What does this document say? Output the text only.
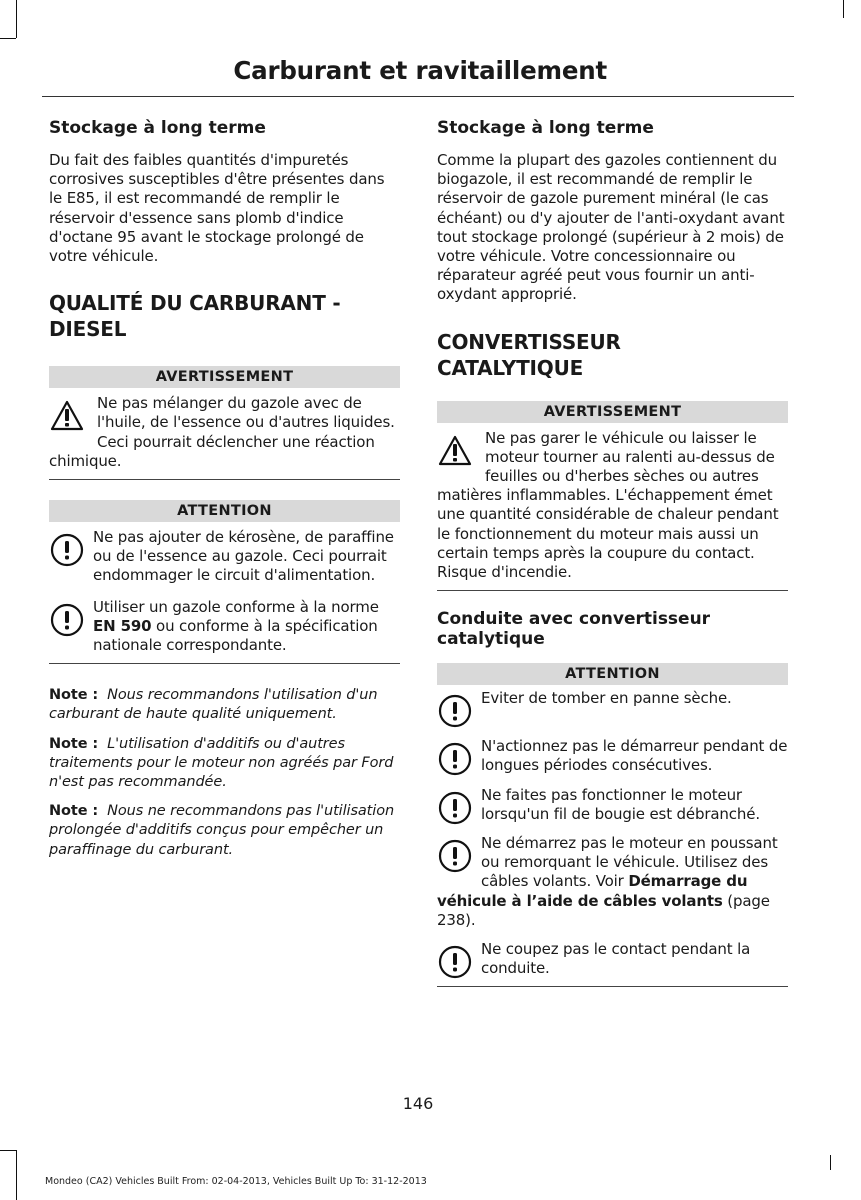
Carburant et ravitaillement
Stockage à long terme

Du fait des faibles quantités d'impuretés corrosives susceptibles d'être présentes dans le E85, il est recommandé de remplir le réservoir d'essence sans plomb d'indice d'octane 95 avant le stockage prolongé de votre véhicule.

QUALITÉ DU CARBURANT -
DIESEL
AVERTISSEMENT
Ne pas mélanger du gazole avec de l'huile, de l'essence ou d'autres liquides. Ceci pourrait déclencher une réaction chimique.
ATTENTION
Ne pas ajouter de kérosène, de paraffine ou de l'essence au gazole. Ceci pourrait endommager le circuit d'alimentation.
Utiliser un gazole conforme à la norme EN 590 ou conforme à la spécification nationale correspondante.

Note : Nous recommandons l'utilisation d'un carburant de haute qualité uniquement.

Note : L'utilisation d'additifs ou d'autres traitements pour le moteur non agréés par Ford n'est pas recommandée.

Note : Nous ne recommandons pas l'utilisation prolongée d'additifs conçus pour empêcher un paraffinage du carburant.

Stockage à long terme

Comme la plupart des gazoles contiennent du biogazole, il est recommandé de remplir le réservoir de gazole purement minéral (le cas échéant) ou d'y ajouter de l'anti-oxydant avant tout stockage prolongé (supérieur à 2 mois) de votre véhicule. Votre concessionnaire ou réparateur agréé peut vous fournir un anti-oxydant approprié.

CONVERTISSEUR
CATALYTIQUE
AVERTISSEMENT
Ne pas garer le véhicule ou laisser le moteur tourner au ralenti au-dessus de feuilles ou d'herbes sèches ou autres matières inflammables. L'échappement émet une quantité considérable de chaleur pendant le fonctionnement du moteur mais aussi un certain temps après la coupure du contact. Risque d'incendie.
Conduite avec convertisseur catalytique
ATTENTION
Eviter de tomber en panne sèche.
N'actionnez pas le démarreur pendant de longues périodes consécutives.
Ne faites pas fonctionner le moteur lorsqu'un fil de bougie est débranché.
Ne démarrez pas le moteur en poussant ou remorquant le véhicule. Utilisez des câbles volants. Voir Démarrage du véhicule à l’aide de câbles volants (page 238).
Ne coupez pas le contact pendant la conduite.
146
Mondeo (CA2) Vehicles Built From: 02-04-2013, Vehicles Built Up To: 31-12-2013
